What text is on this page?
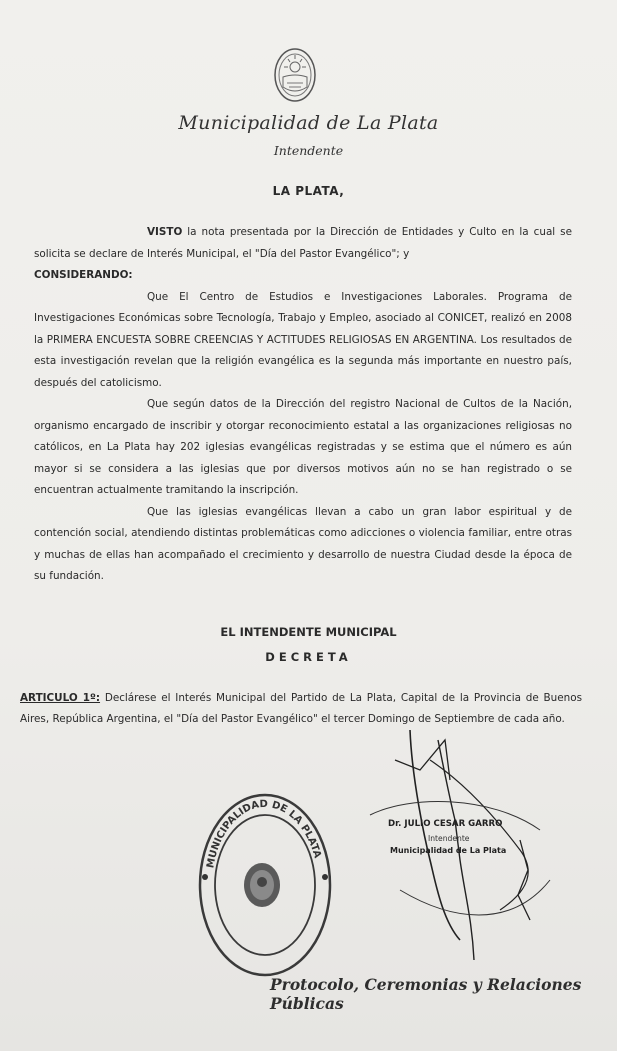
Municipalidad de La Plata
Intendente
LA PLATA,

VISTO la nota presentada por la Dirección de Entidades y Culto en la cual se solicita se declare de Interés Municipal, el "Día del Pastor Evangélico"; y

CONSIDERANDO:

Que El Centro de Estudios e Investigaciones Laborales. Programa de Investigaciones Económicas sobre Tecnología, Trabajo y Empleo, asociado al CONICET, realizó en 2008 la PRIMERA ENCUESTA SOBRE CREENCIAS Y ACTITUDES RELIGIOSAS EN ARGENTINA. Los resultados de esta investigación revelan que la religión evangélica es la segunda más importante en nuestro país, después del catolicismo.

Que según datos de la Dirección del registro Nacional de Cultos de la Nación, organismo encargado de inscribir y otorgar reconocimiento estatal a las organizaciones religiosas no católicos, en La Plata hay 202 iglesias evangélicas registradas y se estima que el número es aún mayor si se considera a las iglesias que por diversos motivos aún no se han registrado o se encuentran actualmente tramitando la inscripción.

Que las iglesias evangélicas llevan a cabo un gran labor espiritual y de contención social, atendiendo distintas problemáticas como adicciones o violencia familiar, entre otras y muchas de ellas han acompañado el crecimiento y desarrollo de nuestra Ciudad desde la época de su fundación.

EL INTENDENTE MUNICIPAL
DECRETA
ARTICULO 1º: Declárese el Interés Municipal del Partido de La Plata, Capital de la Provincia de Buenos Aires, República Argentina, el "Día del Pastor Evangélico" el tercer Domingo de Septiembre de cada año.
MUNICIPALIDAD DE LA PLATA
Dr. JULIO CESAR GARRO
Intendente
Municipalidad de La Plata
Protocolo, Ceremonias y Relaciones Públicas
